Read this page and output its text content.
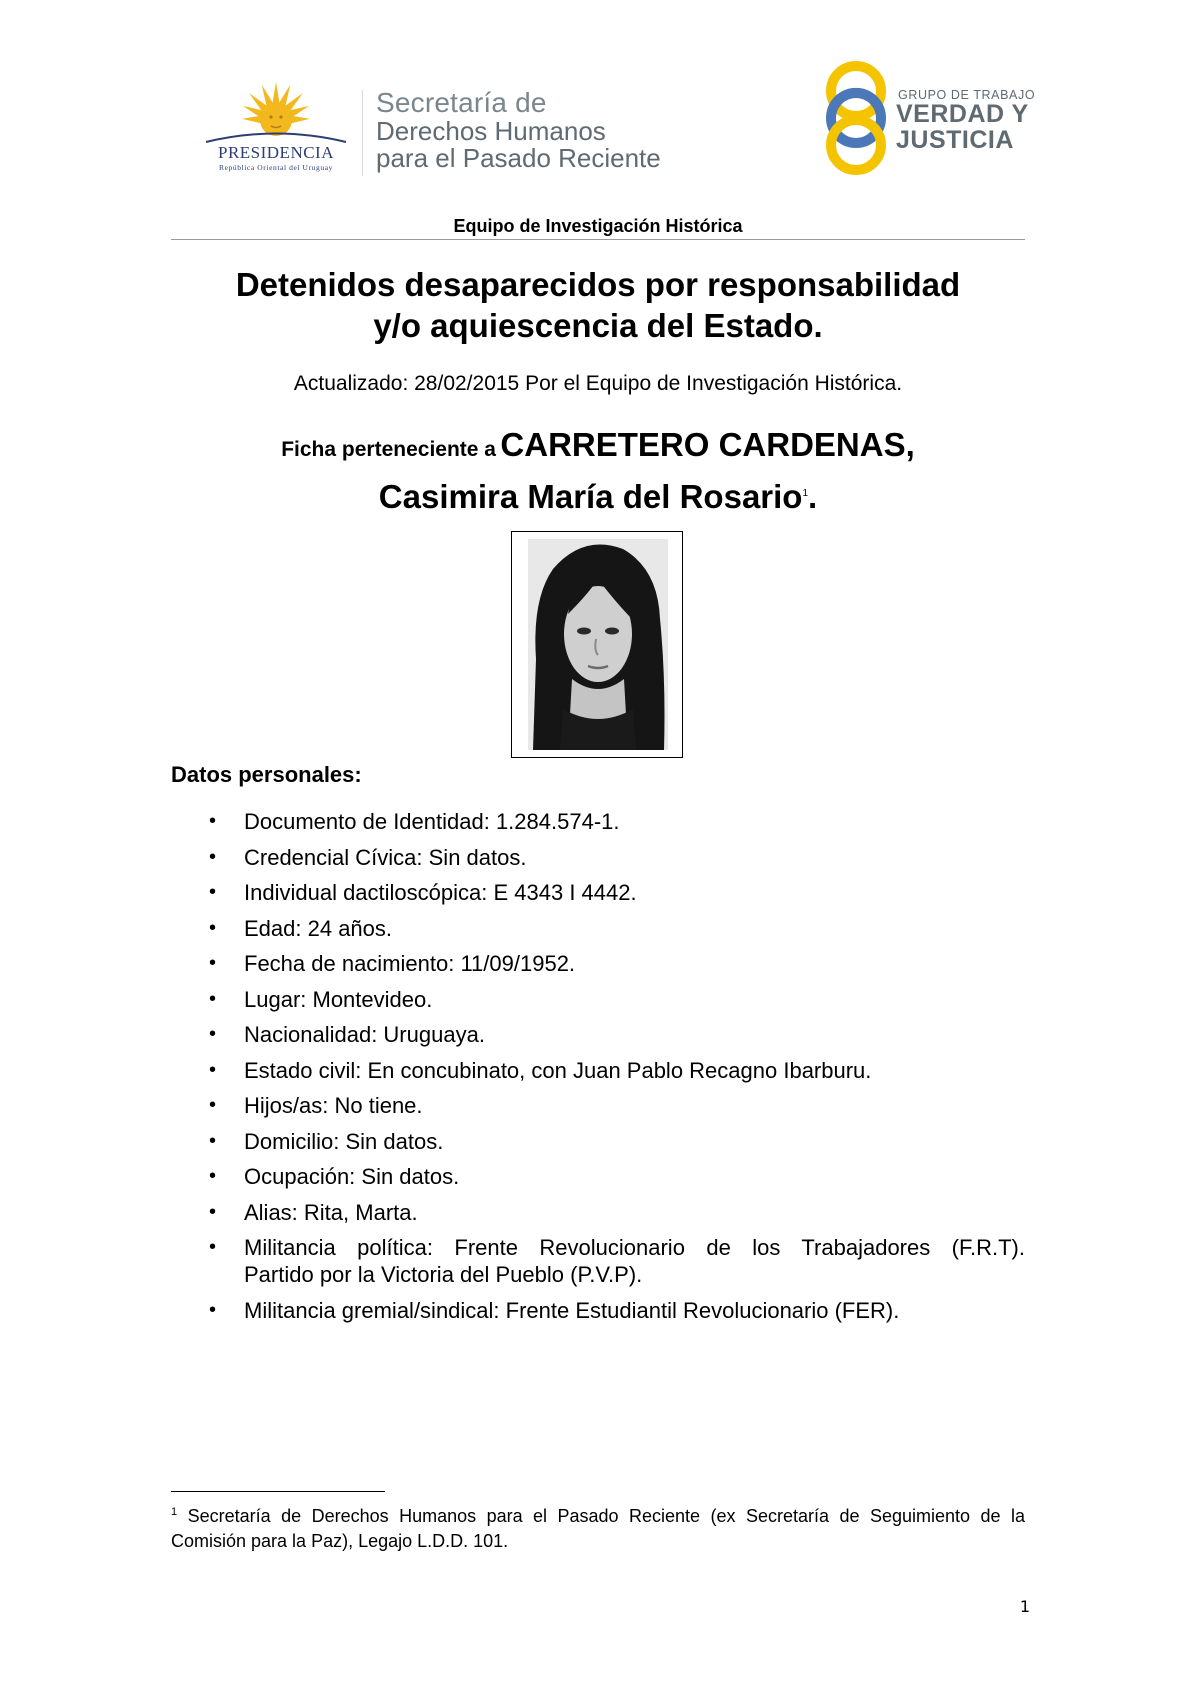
PRESIDENCIA
República Oriental del Uruguay
Secretaría de
Derechos Humanos
para el Pasado Reciente
GRUPO DE TRABAJO
VERDAD Y
JUSTICIA
Equipo de Investigación Histórica
Detenidos desaparecidos por responsabilidad
y/o aquiescencia del Estado.
Actualizado: 28/02/2015 Por el Equipo de Investigación Histórica.
Ficha perteneciente a CARRETERO CARDENAS,
Casimira María del Rosario$^1$.
Datos personales:
• Documento de Identidad: 1.284.574-1.
• Credencial Cívica: Sin datos.
• Individual dactiloscópica: E 4343 I 4442.
• Edad: 24 años.
• Fecha de nacimiento: 11/09/1952.
• Lugar: Montevideo.
• Nacionalidad: Uruguaya.
• Estado civil: En concubinato, con Juan Pablo Recagno Ibarburu.
• Hijos/as: No tiene.
• Domicilio: Sin datos.
• Ocupación: Sin datos.
• Alias: Rita, Marta.
• Militancia política: Frente Revolucionario de los Trabajadores (F.R.T).
Partido por la Victoria del Pueblo (P.V.P).
• Militancia gremial/sindical: Frente Estudiantil Revolucionario (FER).
$^1$ Secretaría de Derechos Humanos para el Pasado Reciente (ex Secretaría de Seguimiento de la Comisión para la Paz), Legajo L.D.D. 101.
1
